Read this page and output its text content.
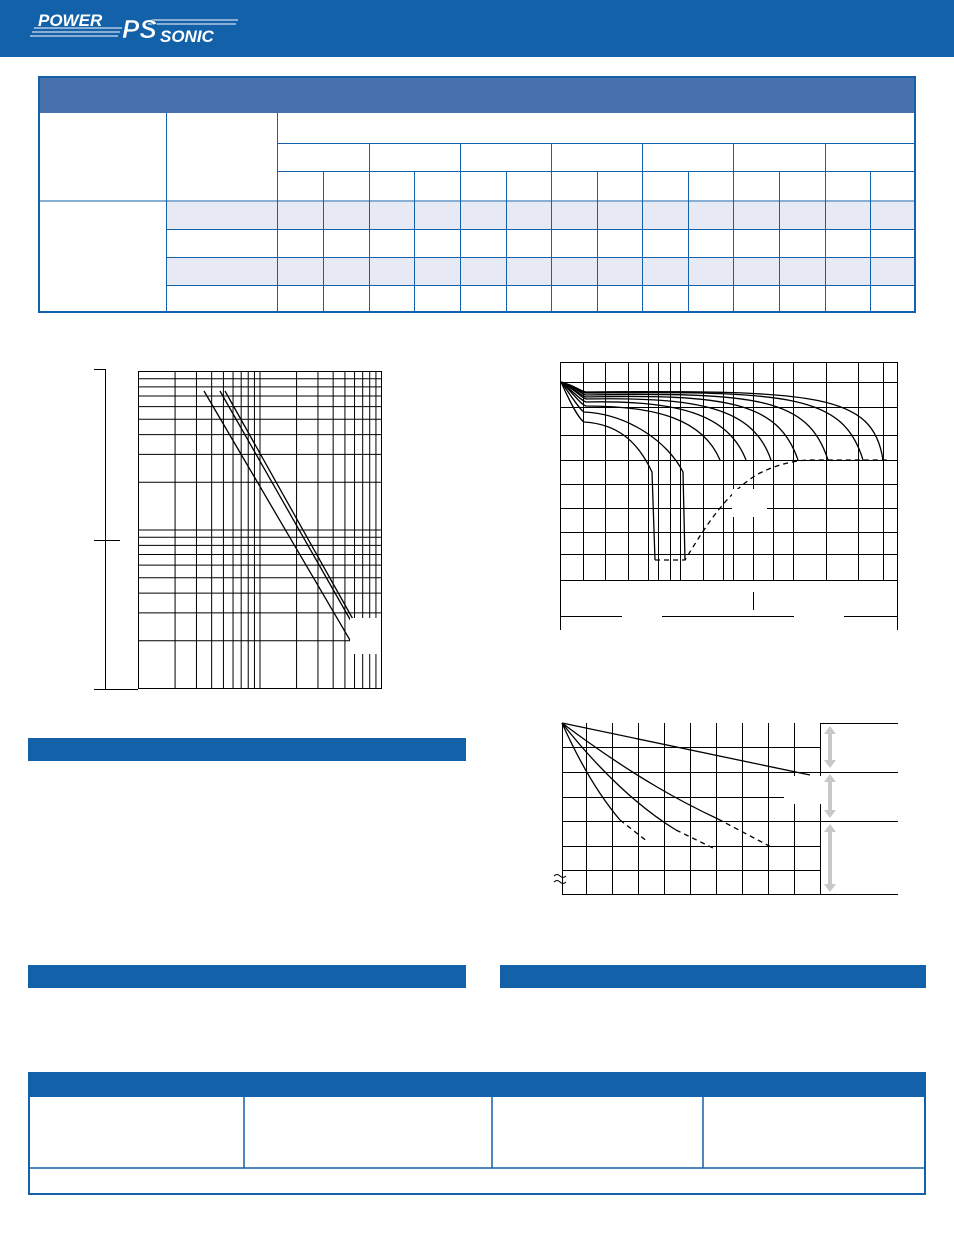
POWER PS SONIC
